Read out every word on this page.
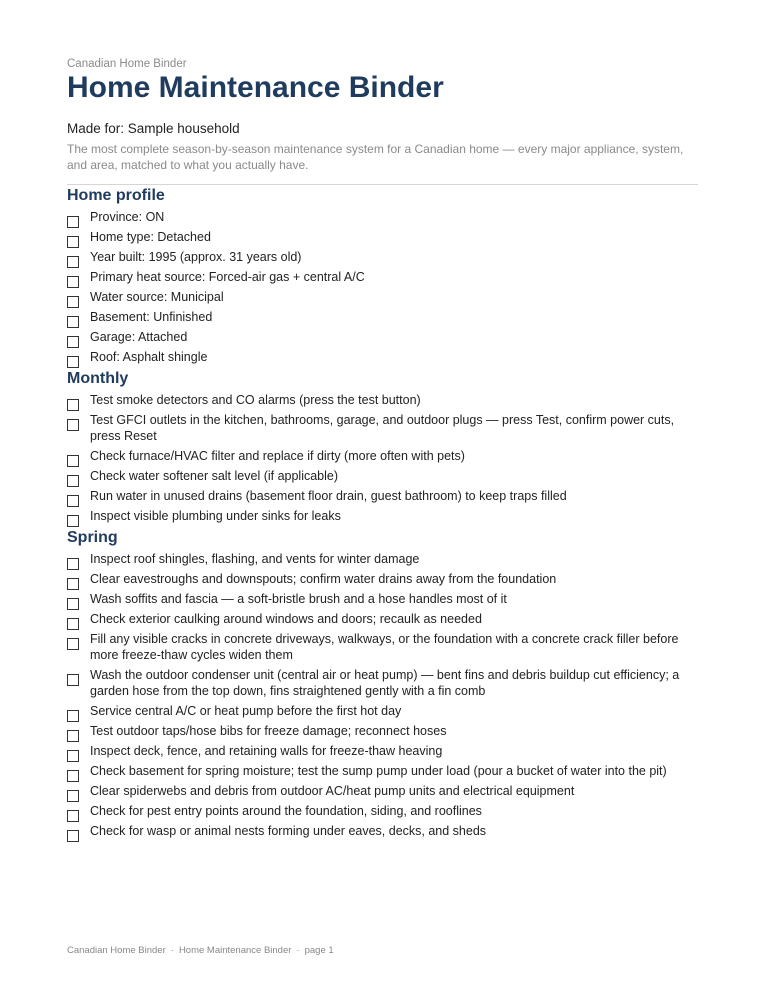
Canadian Home Binder
Home Maintenance Binder
Made for: Sample household
The most complete season-by-season maintenance system for a Canadian home — every major appliance, system, and area, matched to what you actually have.
Home profile
Province: ON
Home type: Detached
Year built: 1995 (approx. 31 years old)
Primary heat source: Forced-air gas + central A/C
Water source: Municipal
Basement: Unfinished
Garage: Attached
Roof: Asphalt shingle
Monthly
Test smoke detectors and CO alarms (press the test button)
Test GFCI outlets in the kitchen, bathrooms, garage, and outdoor plugs — press Test, confirm power cuts, press Reset
Check furnace/HVAC filter and replace if dirty (more often with pets)
Check water softener salt level (if applicable)
Run water in unused drains (basement floor drain, guest bathroom) to keep traps filled
Inspect visible plumbing under sinks for leaks
Spring
Inspect roof shingles, flashing, and vents for winter damage
Clear eavestroughs and downspouts; confirm water drains away from the foundation
Wash soffits and fascia — a soft-bristle brush and a hose handles most of it
Check exterior caulking around windows and doors; recaulk as needed
Fill any visible cracks in concrete driveways, walkways, or the foundation with a concrete crack filler before more freeze-thaw cycles widen them
Wash the outdoor condenser unit (central air or heat pump) — bent fins and debris buildup cut efficiency; a garden hose from the top down, fins straightened gently with a fin comb
Service central A/C or heat pump before the first hot day
Test outdoor taps/hose bibs for freeze damage; reconnect hoses
Inspect deck, fence, and retaining walls for freeze-thaw heaving
Check basement for spring moisture; test the sump pump under load (pour a bucket of water into the pit)
Clear spiderwebs and debris from outdoor AC/heat pump units and electrical equipment
Check for pest entry points around the foundation, siding, and rooflines
Check for wasp or animal nests forming under eaves, decks, and sheds
Canadian Home Binder · Home Maintenance Binder · page 1
